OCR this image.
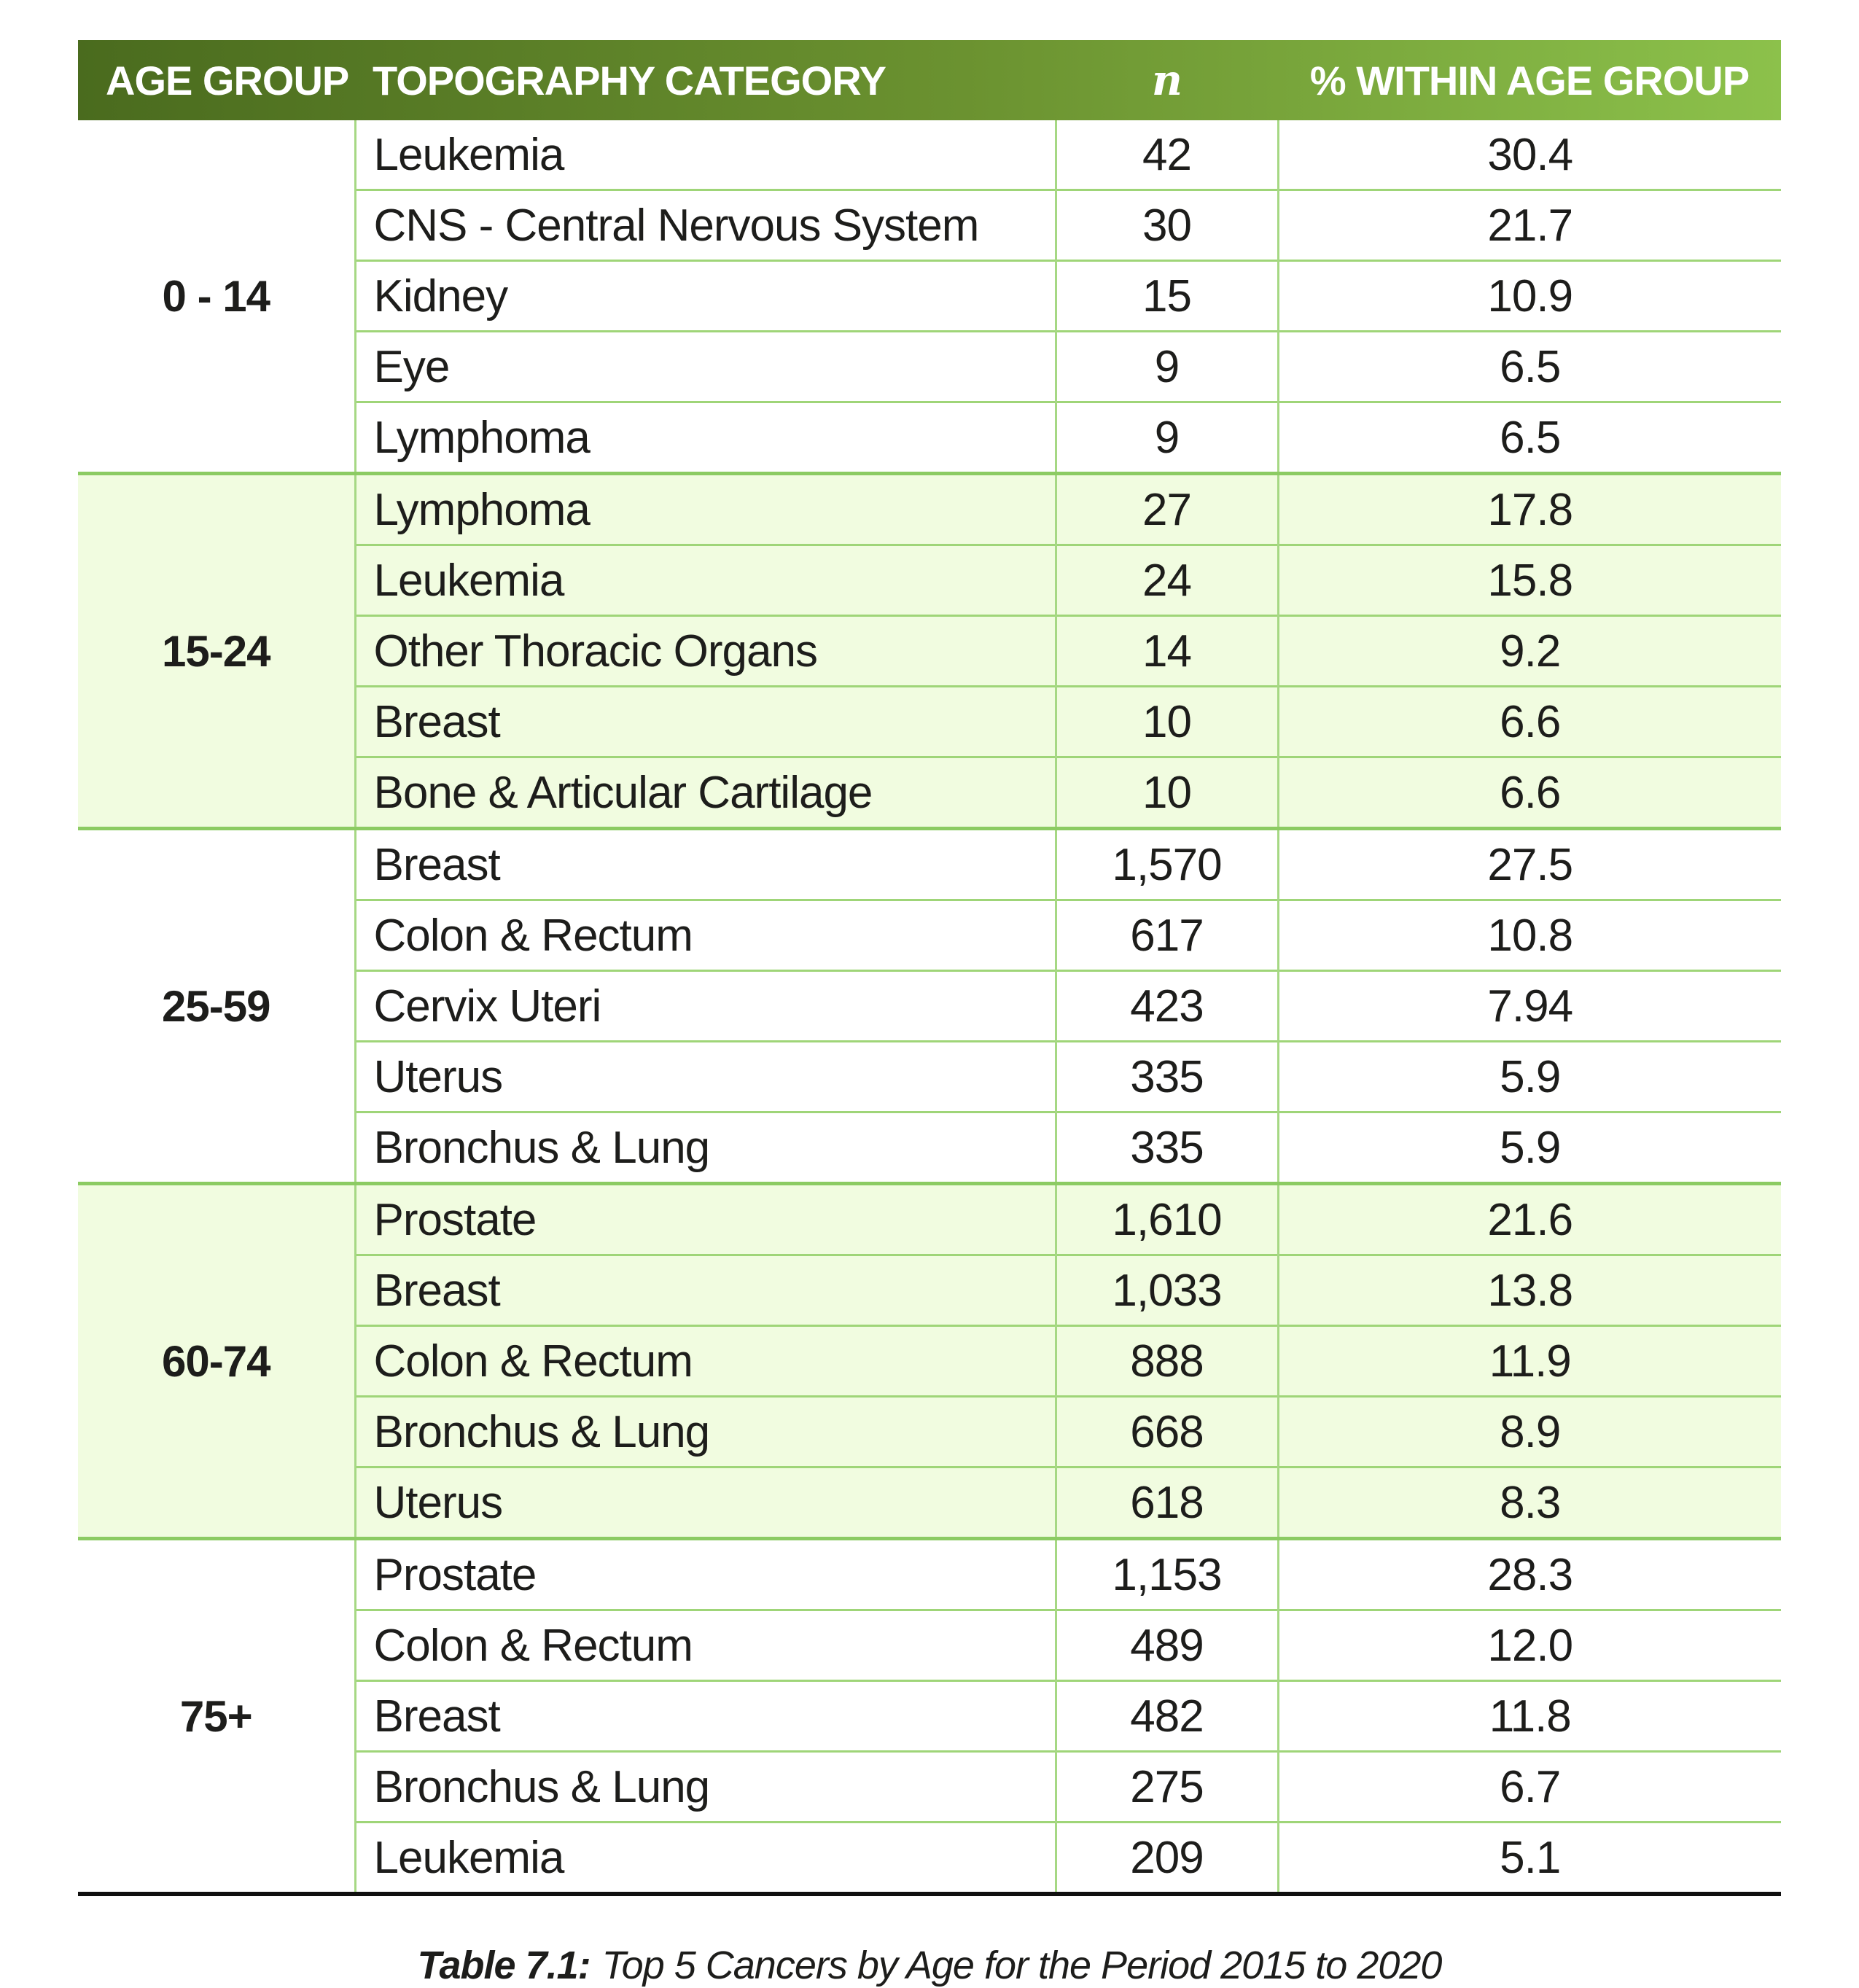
AGE GROUP	TOPOGRAPHY CATEGORY	n	% WITHIN AGE GROUP
0 - 14	Leukemia	42	30.4
	CNS - Central Nervous System	30	21.7
	Kidney	15	10.9
	Eye	9	6.5
	Lymphoma	9	6.5
15-24	Lymphoma	27	17.8
	Leukemia	24	15.8
	Other Thoracic Organs	14	9.2
	Breast	10	6.6
	Bone & Articular Cartilage	10	6.6
25-59	Breast	1,570	27.5
	Colon & Rectum	617	10.8
	Cervix Uteri	423	7.94
	Uterus	335	5.9
	Bronchus & Lung	335	5.9
60-74	Prostate	1,610	21.6
	Breast	1,033	13.8
	Colon & Rectum	888	11.9
	Bronchus & Lung	668	8.9
	Uterus	618	8.3
75+	Prostate	1,153	28.3
	Colon & Rectum	489	12.0
	Breast	482	11.8
	Bronchus & Lung	275	6.7
	Leukemia	209	5.1
Table 7.1: Top 5 Cancers by Age for the Period 2015 to 2020
